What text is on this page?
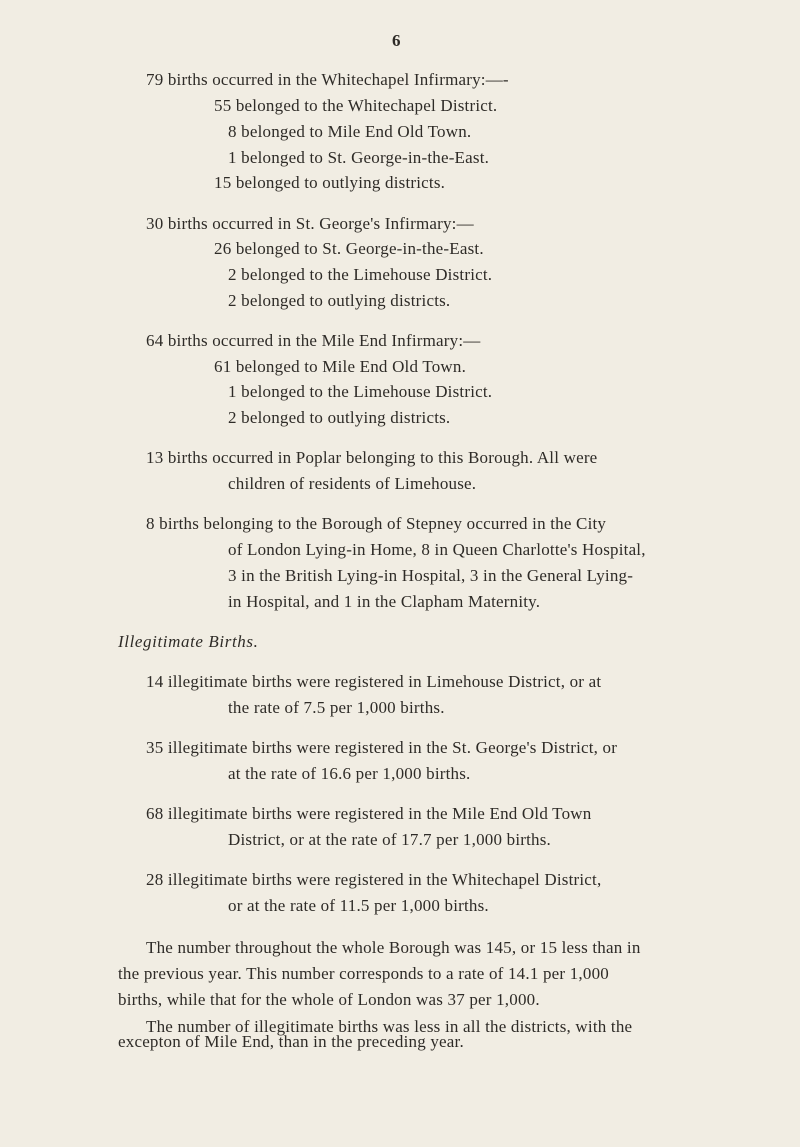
6
79 births occurred in the Whitechapel Infirmary:—-
55 belonged to the Whitechapel District.
8 belonged to Mile End Old Town.
1 belonged to St. George-in-the-East.
15 belonged to outlying districts.
30 births occurred in St. George's Infirmary:—
26 belonged to St. George-in-the-East.
2 belonged to the Limehouse District.
2 belonged to outlying districts.
64 births occurred in the Mile End Infirmary:—
61 belonged to Mile End Old Town.
1 belonged to the Limehouse District.
2 belonged to outlying districts.
13 births occurred in Poplar belonging to this Borough. All were
children of residents of Limehouse.
8 births belonging to the Borough of Stepney occurred in the City
of London Lying-in Home, 8 in Queen Charlotte's Hospital,
3 in the British Lying-in Hospital, 3 in the General Lying-
in Hospital, and 1 in the Clapham Maternity.
Illegitimate Births.
14 illegitimate births were registered in Limehouse District, or at
the rate of 7.5 per 1,000 births.
35 illegitimate births were registered in the St. George's District, or
at the rate of 16.6 per 1,000 births.
68 illegitimate births were registered in the Mile End Old Town
District, or at the rate of 17.7 per 1,000 births.
28 illegitimate births were registered in the Whitechapel District,
or at the rate of 11.5 per 1,000 births.
The number throughout the whole Borough was 145, or 15 less than in
the previous year. This number corresponds to a rate of 14.1 per 1,000
births, while that for the whole of London was 37 per 1,000.
The number of illegitimate births was less in all the districts, with the
excepton of Mile End, than in the preceding year.
